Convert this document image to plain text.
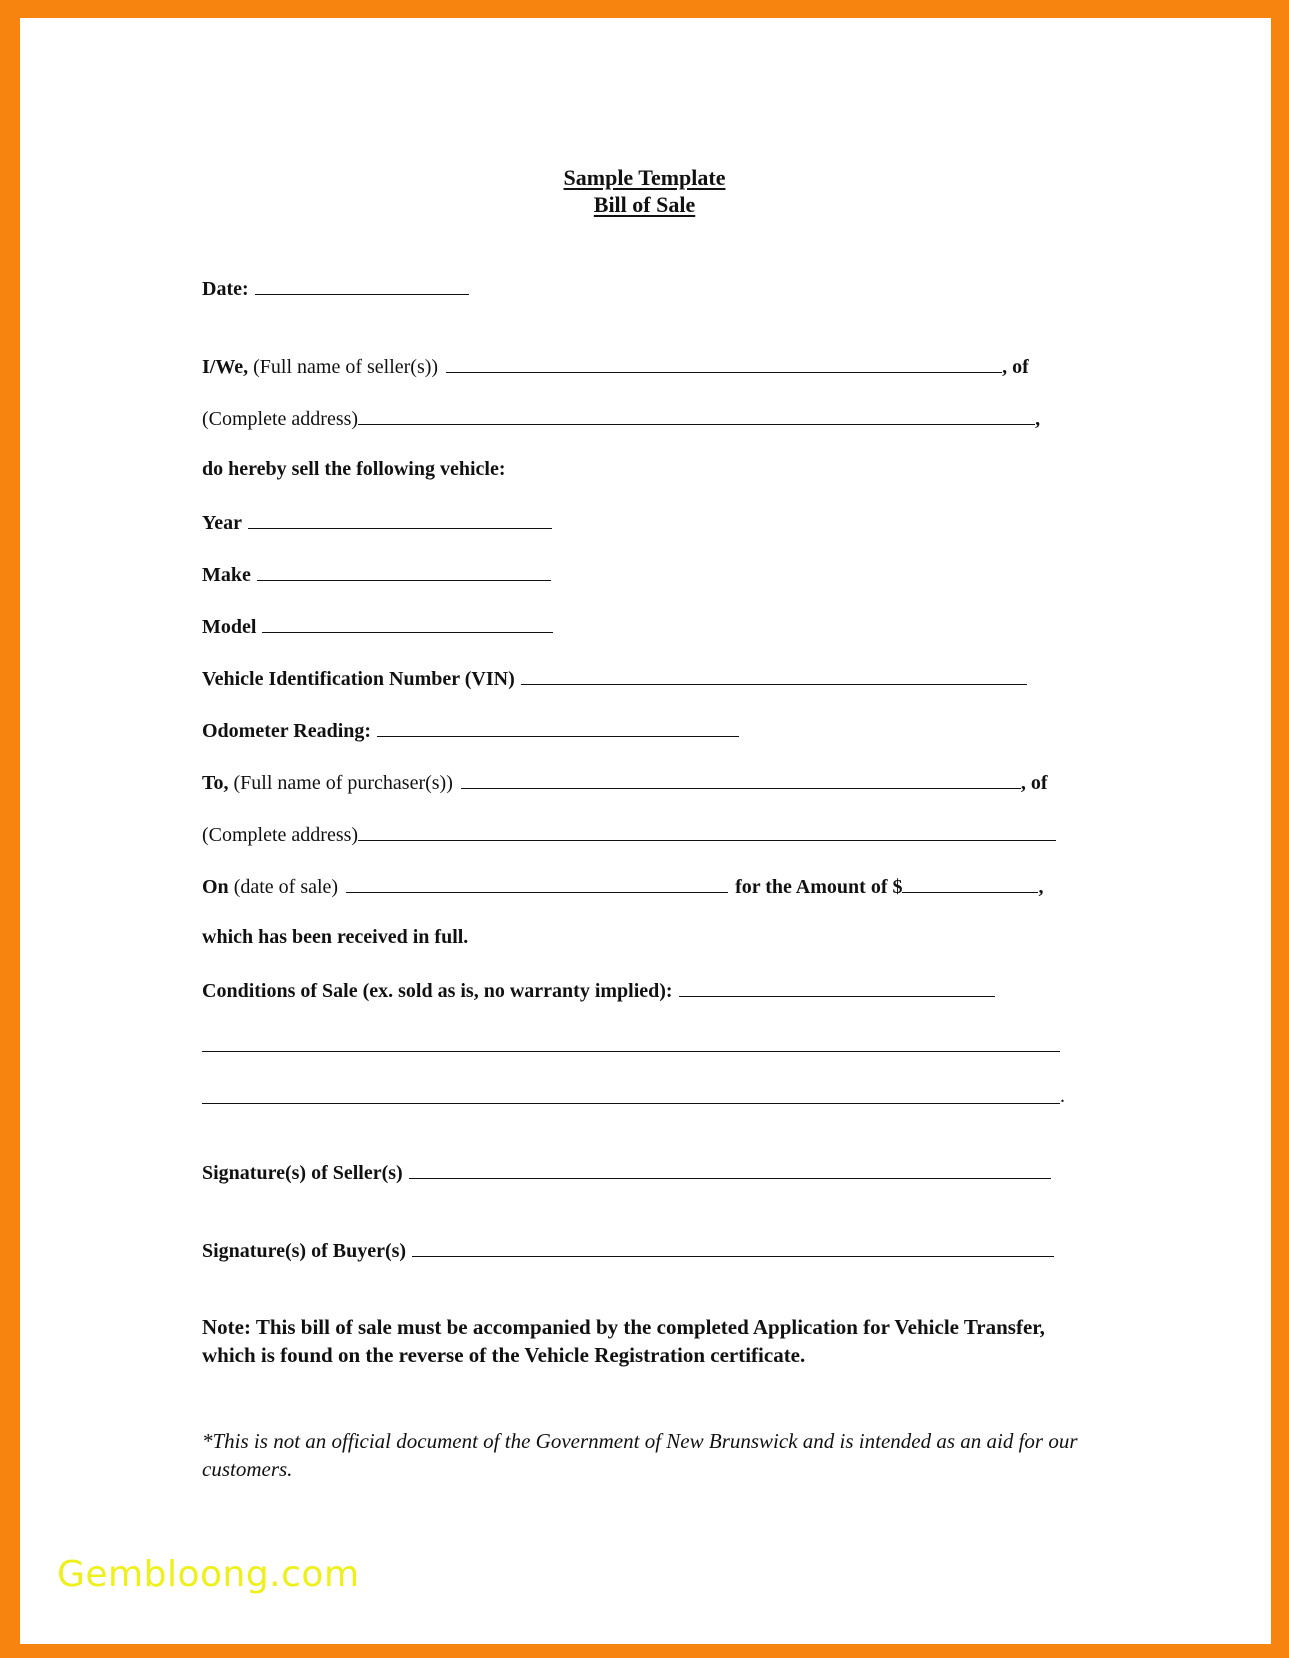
Sample Template
Bill of Sale
Date:
I/We, (Full name of seller(s))	, of
(Complete address)	,
do hereby sell the following vehicle:
Year
Make
Model
Vehicle Identification Number (VIN)
Odometer Reading:
To, (Full name of purchaser(s))	, of
(Complete address)
On (date of sale)	for the Amount of $	,
which has been received in full.
Conditions of Sale (ex. sold as is, no warranty implied):
.
Signature(s) of Seller(s)
Signature(s) of Buyer(s)
Note: This bill of sale must be accompanied by the completed Application for Vehicle Transfer, which is found on the reverse of the Vehicle Registration certificate.
*This is not an official document of the Government of New Brunswick and is intended as an aid for our customers.
Gembloong.com
